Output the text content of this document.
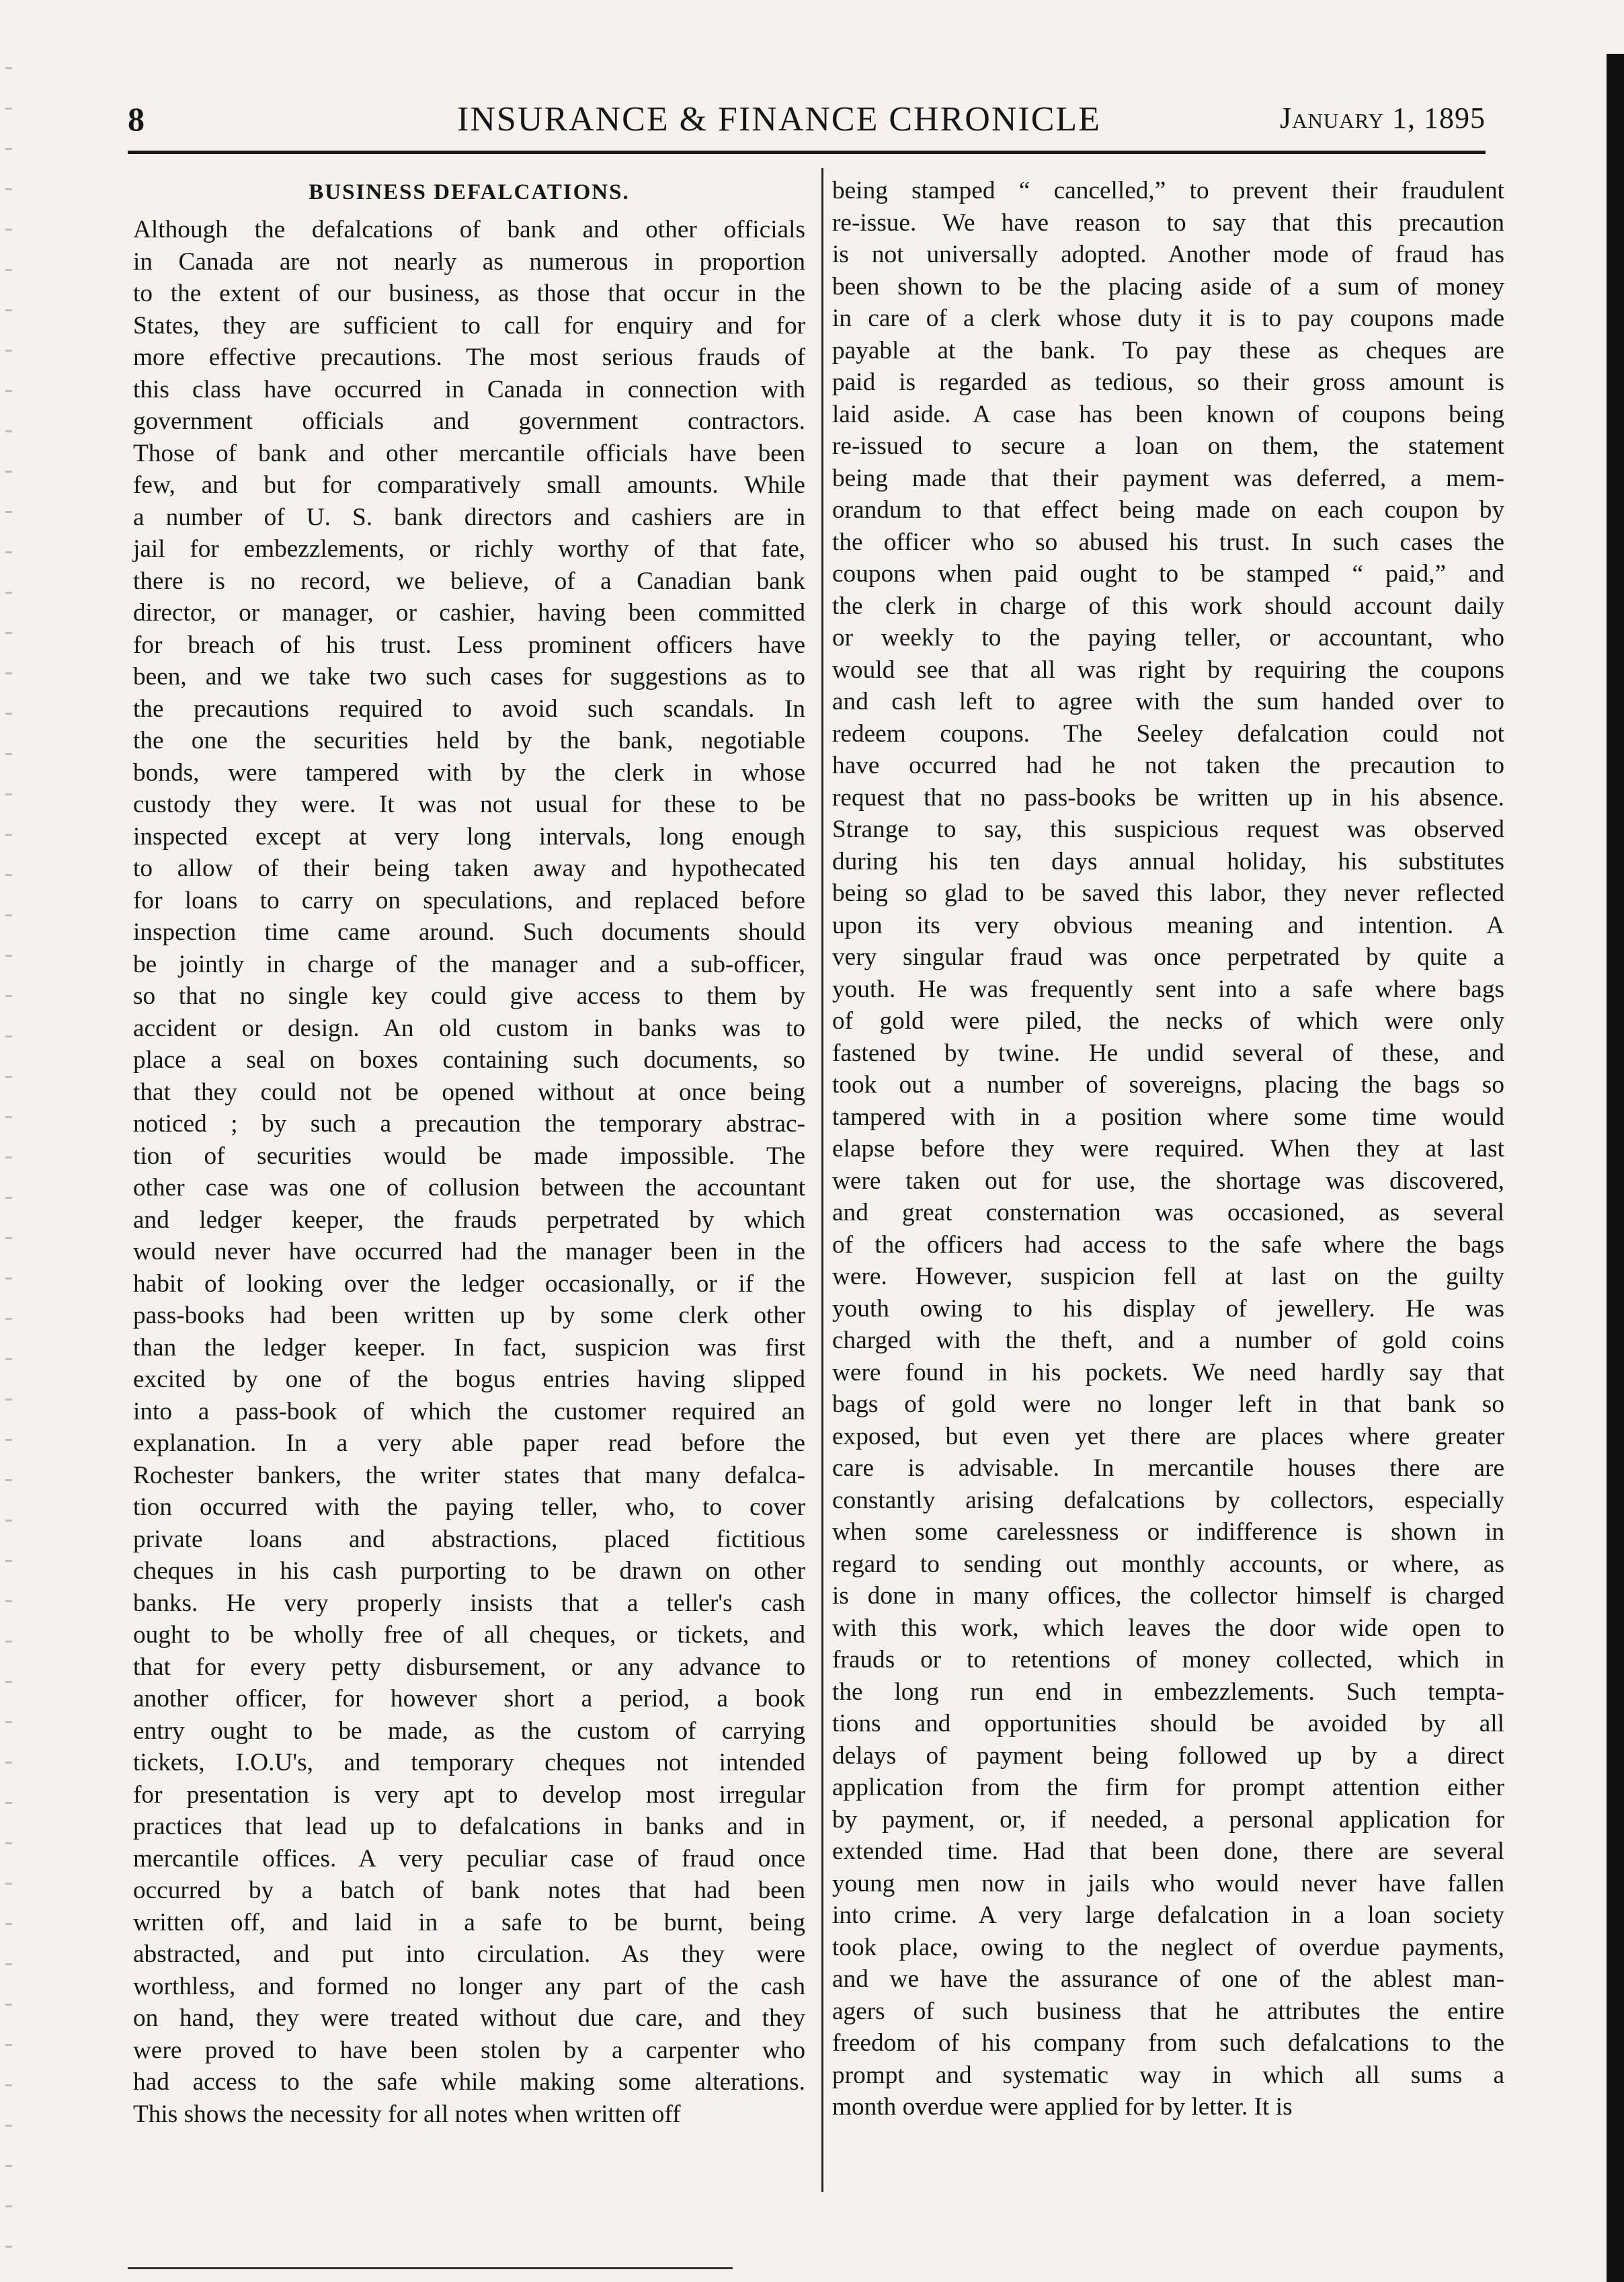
8	INSURANCE & FINANCE CHRONICLE	January 1, 1895
BUSINESS DEFALCATIONS.
Although the defalcations of bank and other officials
in Canada are not nearly as numerous in proportion
to the extent of our business, as those that occur in the
States, they are sufficient to call for enquiry and for
more effective precautions. The most serious frauds of
this class have occurred in Canada in connection with
government officials and government contractors.
Those of bank and other mercantile officials have been
few, and but for comparatively small amounts. While
a number of U. S. bank directors and cashiers are in
jail for embezzlements, or richly worthy of that fate,
there is no record, we believe, of a Canadian bank
director, or manager, or cashier, having been committed
for breach of his trust. Less prominent officers have
been, and we take two such cases for suggestions as to
the precautions required to avoid such scandals. In
the one the securities held by the bank, negotiable
bonds, were tampered with by the clerk in whose
custody they were. It was not usual for these to be
inspected except at very long intervals, long enough
to allow of their being taken away and hypothecated
for loans to carry on speculations, and replaced before
inspection time came around. Such documents should
be jointly in charge of the manager and a sub-officer,
so that no single key could give access to them by
accident or design. An old custom in banks was to
place a seal on boxes containing such documents, so
that they could not be opened without at once being
noticed ; by such a precaution the temporary abstrac-
tion of securities would be made impossible. The
other case was one of collusion between the accountant
and ledger keeper, the frauds perpetrated by which
would never have occurred had the manager been in the
habit of looking over the ledger occasionally, or if the
pass-books had been written up by some clerk other
than the ledger keeper. In fact, suspicion was first
excited by one of the bogus entries having slipped
into a pass-book of which the customer required an
explanation. In a very able paper read before the
Rochester bankers, the writer states that many defalca-
tion occurred with the paying teller, who, to cover
private loans and abstractions, placed fictitious
cheques in his cash purporting to be drawn on other
banks. He very properly insists that a teller's cash
ought to be wholly free of all cheques, or tickets, and
that for every petty disbursement, or any advance to
another officer, for however short a period, a book
entry ought to be made, as the custom of carrying
tickets, I.O.U's, and temporary cheques not intended
for presentation is very apt to develop most irregular
practices that lead up to defalcations in banks and in
mercantile offices. A very peculiar case of fraud once
occurred by a batch of bank notes that had been
written off, and laid in a safe to be burnt, being
abstracted, and put into circulation. As they were
worthless, and formed no longer any part of the cash
on hand, they were treated without due care, and they
were proved to have been stolen by a carpenter who
had access to the safe while making some alterations.
This shows the necessity for all notes when written off
being stamped “ cancelled,” to prevent their fraudulent
re-issue. We have reason to say that this precaution
is not universally adopted. Another mode of fraud has
been shown to be the placing aside of a sum of money
in care of a clerk whose duty it is to pay coupons made
payable at the bank. To pay these as cheques are
paid is regarded as tedious, so their gross amount is
laid aside. A case has been known of coupons being
re-issued to secure a loan on them, the statement
being made that their payment was deferred, a mem-
orandum to that effect being made on each coupon by
the officer who so abused his trust. In such cases the
coupons when paid ought to be stamped “ paid,” and
the clerk in charge of this work should account daily
or weekly to the paying teller, or accountant, who
would see that all was right by requiring the coupons
and cash left to agree with the sum handed over to
redeem coupons. The Seeley defalcation could not
have occurred had he not taken the precaution to
request that no pass-books be written up in his absence.
Strange to say, this suspicious request was observed
during his ten days annual holiday, his substitutes
being so glad to be saved this labor, they never reflected
upon its very obvious meaning and intention. A
very singular fraud was once perpetrated by quite a
youth. He was frequently sent into a safe where bags
of gold were piled, the necks of which were only
fastened by twine. He undid several of these, and
took out a number of sovereigns, placing the bags so
tampered with in a position where some time would
elapse before they were required. When they at last
were taken out for use, the shortage was discovered,
and great consternation was occasioned, as several
of the officers had access to the safe where the bags
were. However, suspicion fell at last on the guilty
youth owing to his display of jewellery. He was
charged with the theft, and a number of gold coins
were found in his pockets. We need hardly say that
bags of gold were no longer left in that bank so
exposed, but even yet there are places where greater
care is advisable. In mercantile houses there are
constantly arising defalcations by collectors, especially
when some carelessness or indifference is shown in
regard to sending out monthly accounts, or where, as
is done in many offices, the collector himself is charged
with this work, which leaves the door wide open to
frauds or to retentions of money collected, which in
the long run end in embezzlements. Such tempta-
tions and opportunities should be avoided by all
delays of payment being followed up by a direct
application from the firm for prompt attention either
by payment, or, if needed, a personal application for
extended time. Had that been done, there are several
young men now in jails who would never have fallen
into crime. A very large defalcation in a loan society
took place, owing to the neglect of overdue payments,
and we have the assurance of one of the ablest man-
agers of such business that he attributes the entire
freedom of his company from such defalcations to the
prompt and systematic way in which all sums a
month overdue were applied for by letter. It is
